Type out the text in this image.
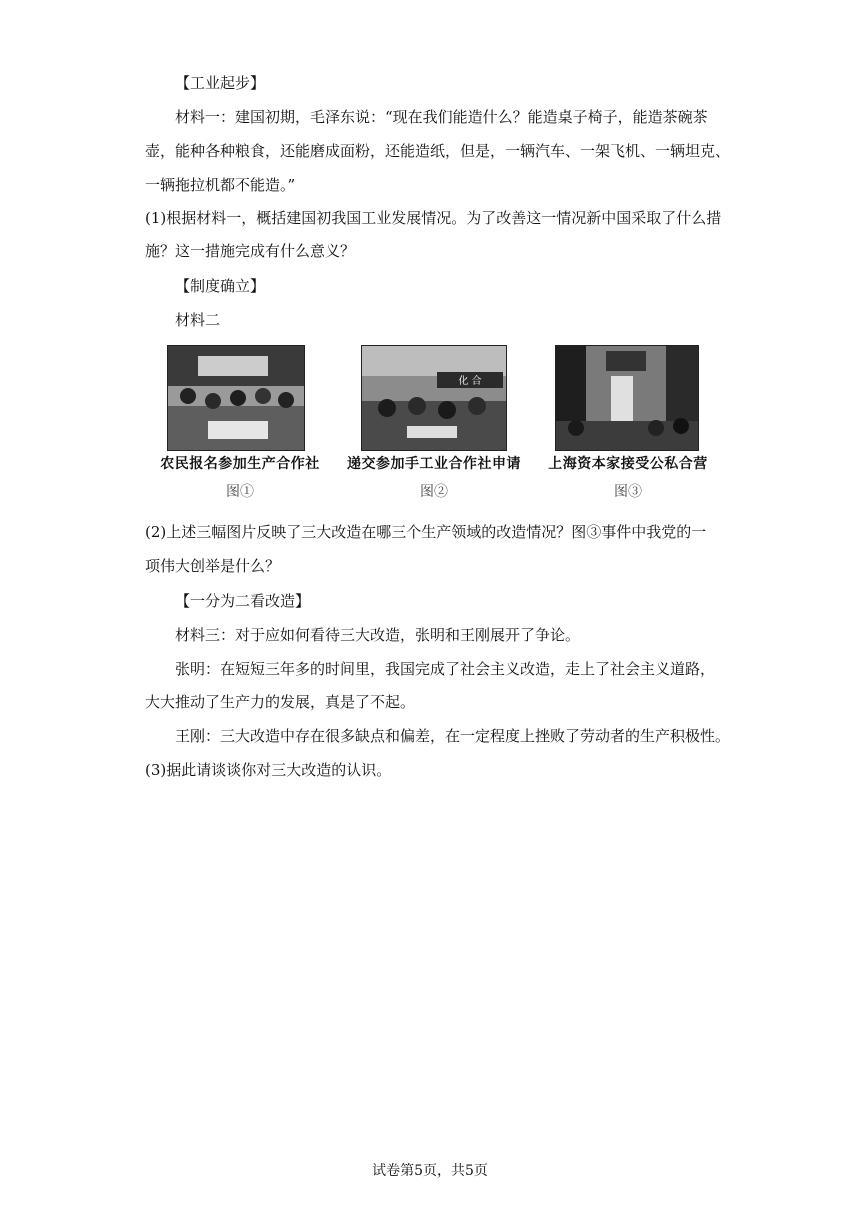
【工业起步】
材料一：建国初期，毛泽东说：“现在我们能造什么？能造桌子椅子，能造茶碗茶
壶，能种各种粮食，还能磨成面粉，还能造纸，但是，一辆汽车、一架飞机、一辆坦克、
一辆拖拉机都不能造。”
(1)根据材料一，概括建国初我国工业发展情况。为了改善这一情况新中国采取了什么措
施？这一措施完成有什么意义？
【制度确立】
材料二
农民报名参加生产合作社
图①
化 合
递交参加手工业合作社申请
图②
上海资本家接受公私合营
图③
(2)上述三幅图片反映了三大改造在哪三个生产领域的改造情况？图③事件中我党的一
项伟大创举是什么？
【一分为二看改造】
材料三：对于应如何看待三大改造，张明和王刚展开了争论。
张明：在短短三年多的时间里，我国完成了社会主义改造，走上了社会主义道路，
大大推动了生产力的发展，真是了不起。
王刚：三大改造中存在很多缺点和偏差，在一定程度上挫败了劳动者的生产积极性。
(3)据此请谈谈你对三大改造的认识。
试卷第5页，共5页
